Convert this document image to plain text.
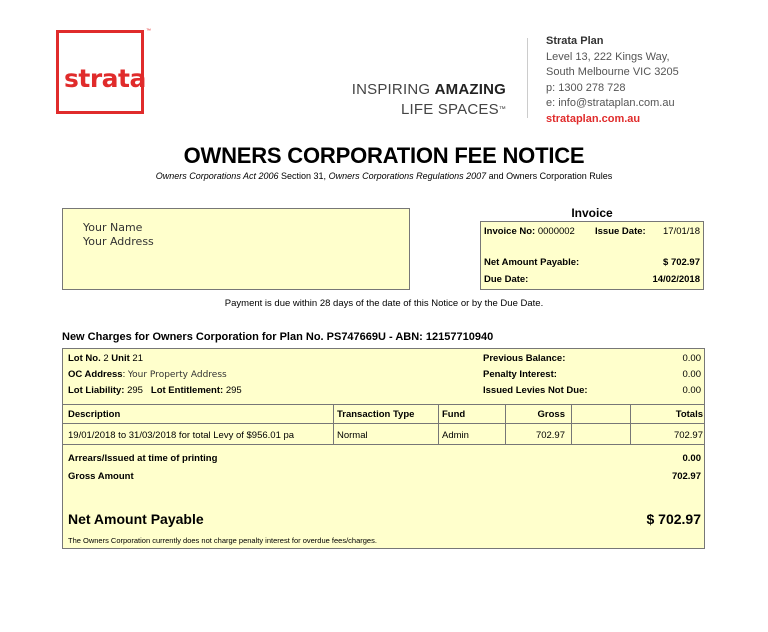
strata
™
INSPIRING AMAZING
LIFE SPACES™
Strata Plan
Level 13, 222 Kings Way,
South Melbourne VIC 3205
p: 1300 278 728
e: info@strataplan.com.au
strataplan.com.au
OWNERS CORPORATION FEE NOTICE
Owners Corporations Act 2006 Section 31, Owners Corporations Regulations 2007 and Owners Corporation Rules
Your Name
Your Address
Invoice
Invoice No: 0000002 Issue Date: 17/01/18
Net Amount Payable:	$ 702.97
Due Date:	14/02/2018
Payment is due within 28 days of the date of this Notice or by the Due Date.
New Charges for Owners Corporation for Plan No. PS747669U - ABN: 12157710940
Lot No. 2 Unit 21
OC Address: Your Property Address
Lot Liability: 295 Lot Entitlement: 295
Previous Balance:	0.00
Penalty Interest:	0.00
Issued Levies Not Due:	0.00
Description	Transaction Type	Fund	Gross	Totals
19/01/2018 to 31/03/2018 for total Levy of $956.01 pa	Normal	Admin	702.97	702.97
Arrears/Issued at time of printing	0.00
Gross Amount	702.97
Net Amount Payable	$ 702.97
The Owners Corporation currently does not charge penalty interest for overdue fees/charges.
